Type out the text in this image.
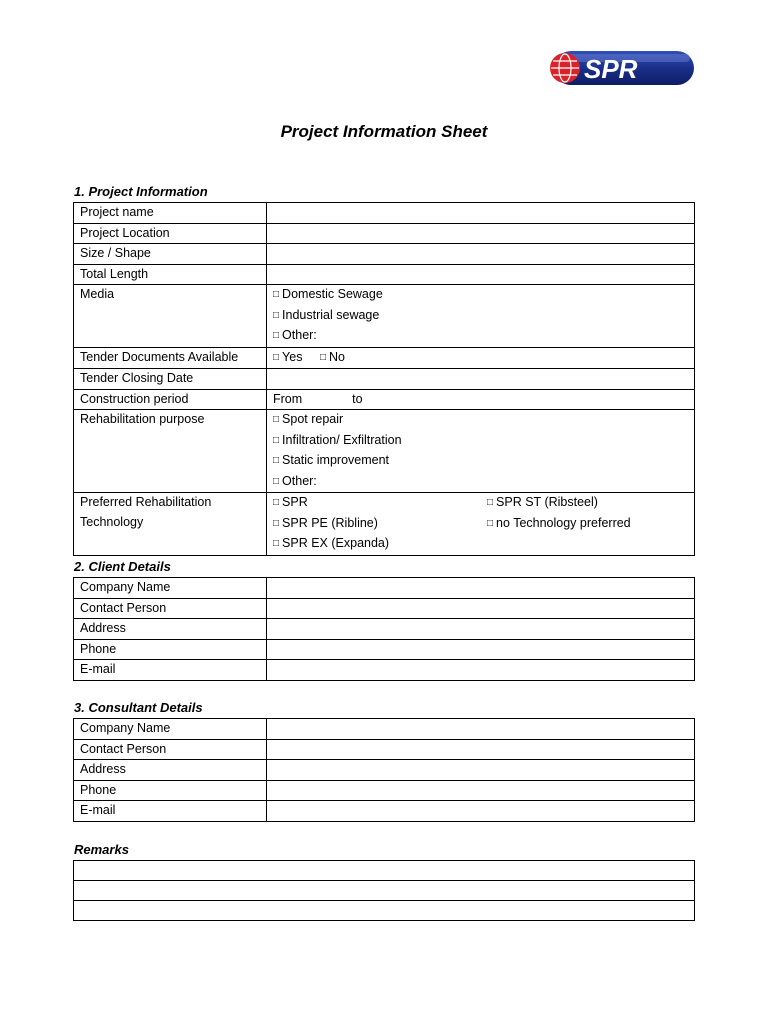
SPR
Project Information Sheet
1. Project Information
Project name	
Project Location	
Size / Shape	
Total Length	
Media	□ Domestic Sewage
□ Industrial sewage
□ Other:

Tender Documents Available	□ Yes □ No
Tender Closing Date	
Construction period	From to
Rehabilitation purpose	□ Spot repair
□ Infiltration/ Exfiltration
□ Static improvement
□ Other:

Preferred Rehabilitation
Technology	□ SPR □ SPR ST (Ribsteel)
□ SPR PE (Ribline) □ no Technology preferred
□ SPR EX (Expanda)
2. Client Details
Company Name	
Contact Person	
Address	
Phone	
E-mail	
3. Consultant Details
Company Name	
Contact Person	
Address	
Phone	
E-mail	
Remarks
